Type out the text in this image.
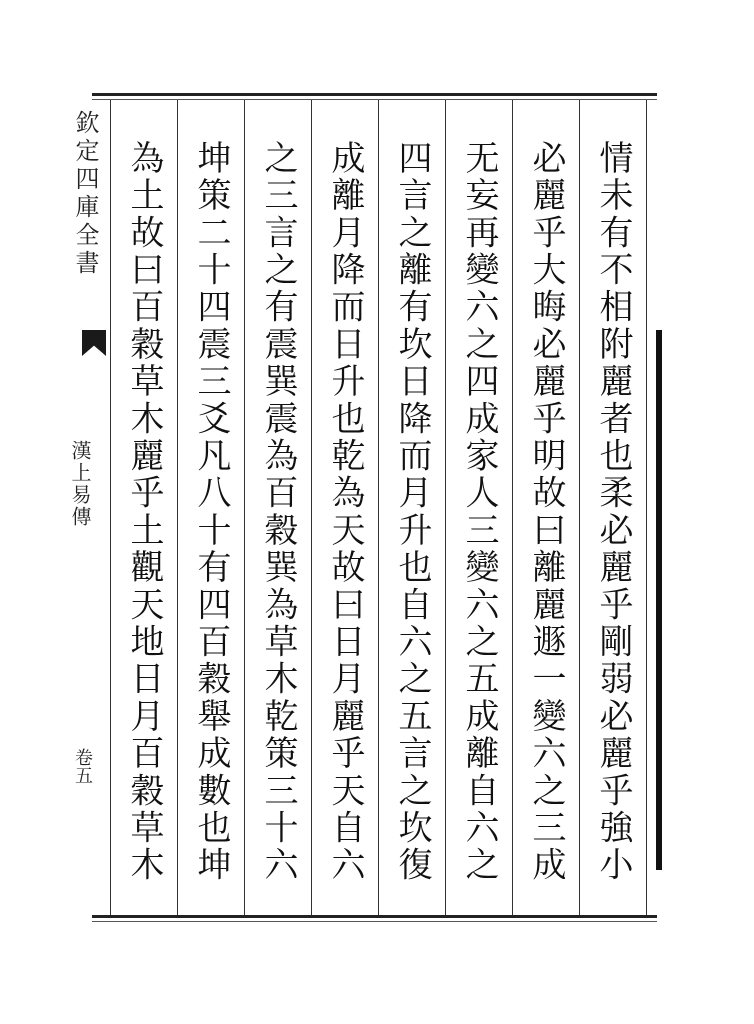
欽定四庫全書
漢上易傳
卷五	情未有不相附麗者也柔必麗乎剛弱必麗乎強小
必麗乎大晦必麗乎明故曰離麗遯一變六之三成
无妄再變六之四成家人三變六之五成離自六之
四言之離有坎日降而月升也自六之五言之坎復
成離月降而日升也乾為天故曰日月麗乎天自六
之三言之有震巽震為百穀巽為草木乾策三十六
坤策二十四震三爻凡八十有四百穀舉成數也坤
為土故曰百穀草木麗乎土觀天地日月百穀草木
